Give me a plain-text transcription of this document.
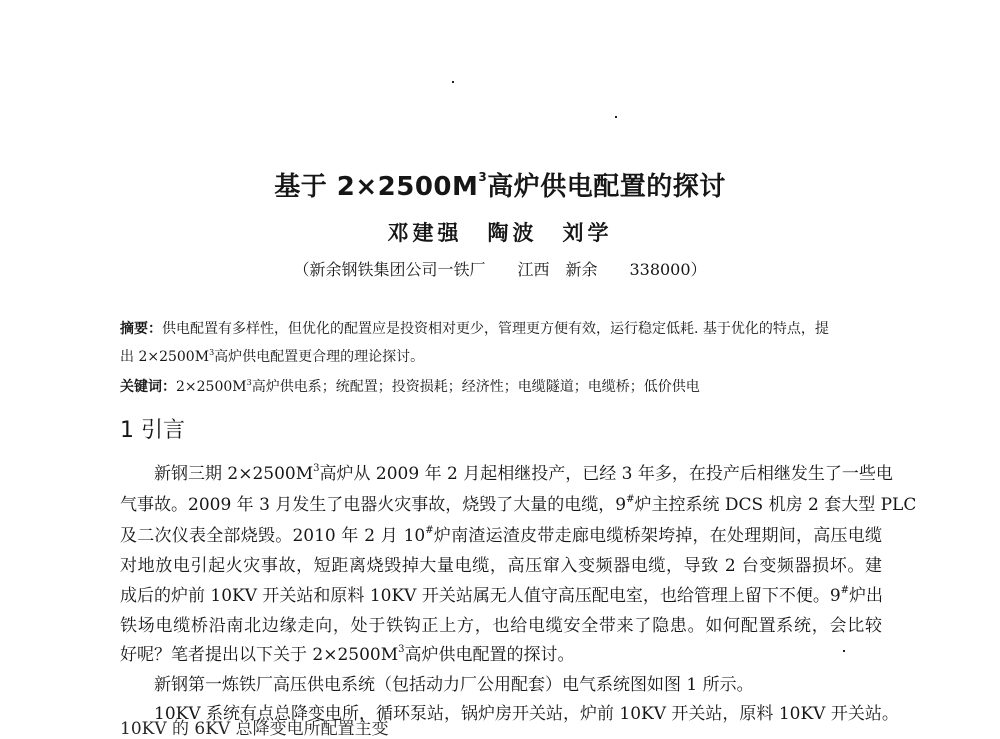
基于 $2\times 2500M^3$高炉供电配置的探讨
邓建强　陶波　刘学
（新余钢铁集团公司一铁厂　　江西　新余　　338000）
摘要：供电配置有多样性，但优化的配置应是投资相对更少，管理更方便有效，运行稳定低耗. 基于优化的特点，提
出 $2\times 2500M^3$高炉供电配置更合理的理论探讨。
关键词：$2\times 2500M^3$高炉供电系；统配置；投资损耗；经济性；电缆隧道；电缆桥；低价供电
1 引言
新钢三期 $2\times 2500M^3$高炉从 2009 年 2 月起相继投产，已经 3 年多，在投产后相继发生了一些电
气事故。2009 年 3 月发生了电器火灾事故，烧毁了大量的电缆，9#炉主控系统 DCS 机房 2 套大型 PLC
及二次仪表全部烧毁。2010 年 2 月 10#炉南渣运渣皮带走廊电缆桥架垮掉，在处理期间，高压电缆
对地放电引起火灾事故，短距离烧毁掉大量电缆，高压窜入变频器电缆，导致 2 台变频器损坏。建
成后的炉前 10KV 开关站和原料 10KV 开关站属无人值守高压配电室，也给管理上留下不便。9#炉出
铁场电缆桥沿南北边缘走向，处于铁钩正上方，也给电缆安全带来了隐患。如何配置系统，会比较
好呢？笔者提出以下关于 $2\times 2500M^3$高炉供电配置的探讨。
新钢第一炼铁厂高压供电系统（包括动力厂公用配套）电气系统图如图 1 所示。
10KV 系统有点总降变电所，循环泵站，锅炉房开关站，炉前 10KV 开关站，原料 10KV 开关站。
10KV 的 6KV 总降变电所配置主变
